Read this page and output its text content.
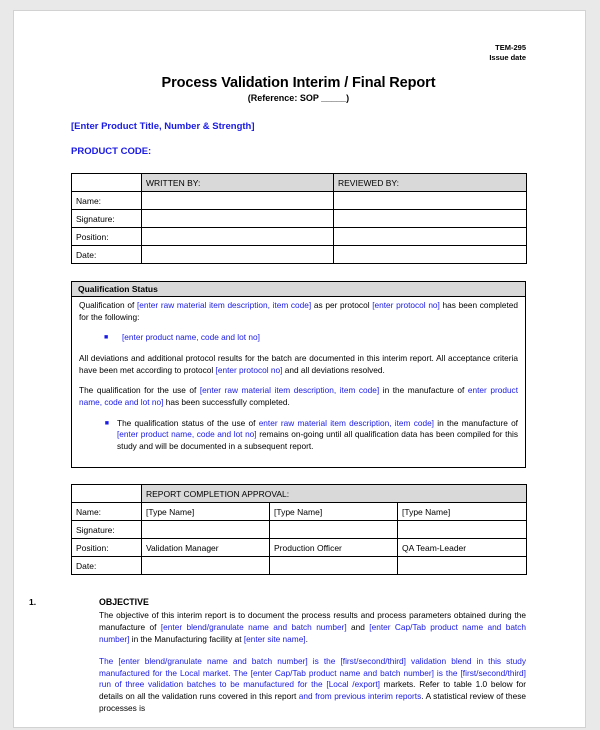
TEM-295
Issue date
Process Validation Interim / Final Report
(Reference: SOP _____)
[Enter Product Title, Number & Strength]
PRODUCT CODE:
	WRITTEN BY:	REVIEWED BY:
Name:		
Signature:		
Position:		
Date:		
Qualification Status

Qualification of [enter raw material item description, item code] as per protocol [enter protocol no] has been completed for the following:

■	[enter product name, code and lot no]

All deviations and additional protocol results for the batch are documented in this interim report. All acceptance criteria have been met according to protocol [enter protocol no] and all deviations resolved.

The qualification for the use of [enter raw material item description, item code] in the manufacture of enter product name, code and lot no] has been successfully completed.

■ The qualification status of the use of enter raw material item description, item code] in the manufacture of [enter product name, code and lot no] remains on-going until all qualification data has been compiled for this study and will be documented in a subsequent report.
	REPORT COMPLETION APPROVAL:		
Name:	[Type Name]	[Type Name]	[Type Name]
Signature:			
Position:	Validation Manager	Production Officer	QA Team-Leader
Date:			
1.	OBJECTIVE

The objective of this interim report is to document the process results and process parameters obtained during the manufacture of [enter blend/granulate name and batch number] and [enter Cap/Tab product name and batch number] in the Manufacturing facility at [enter site name].

The [enter blend/granulate name and batch number] is the [first/second/third] validation blend in this study manufactured for the Local market. The [enter Cap/Tab product name and batch number] is the [first/second/third] run of three validation batches to be manufactured for the [Local /export] markets. Refer to table 1.0 below for details on all the validation runs covered in this report and from previous interim reports. A statistical review of these processes is
